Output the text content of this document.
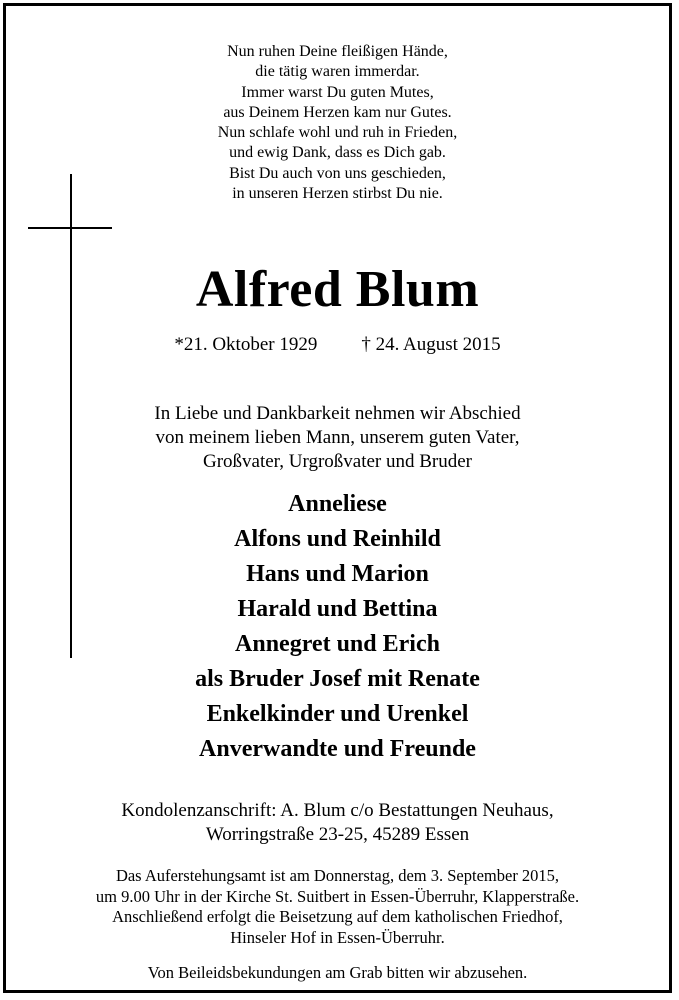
Nun ruhen Deine fleißigen Hände,
die tätig waren immerdar.
Immer warst Du guten Mutes,
aus Deinem Herzen kam nur Gutes.
Nun schlafe wohl und ruh in Frieden,
und ewig Dank, dass es Dich gab.
Bist Du auch von uns geschieden,
in unseren Herzen stirbst Du nie.
Alfred Blum
*21. Oktober 1929 † 24. August 2015
In Liebe und Dankbarkeit nehmen wir Abschied
von meinem lieben Mann, unserem guten Vater,
Großvater, Urgroßvater und Bruder
Anneliese
Alfons und Reinhild
Hans und Marion
Harald und Bettina
Annegret und Erich
als Bruder Josef mit Renate
Enkelkinder und Urenkel
Anverwandte und Freunde
Kondolenzanschrift: A. Blum c/o Bestattungen Neuhaus,
Worringstraße 23-25, 45289 Essen
Das Auferstehungsamt ist am Donnerstag, dem 3. September 2015,
um 9.00 Uhr in der Kirche St. Suitbert in Essen-Überruhr, Klapperstraße.
Anschließend erfolgt die Beisetzung auf dem katholischen Friedhof,
Hinseler Hof in Essen-Überruhr.
Von Beileidsbekundungen am Grab bitten wir abzusehen.
